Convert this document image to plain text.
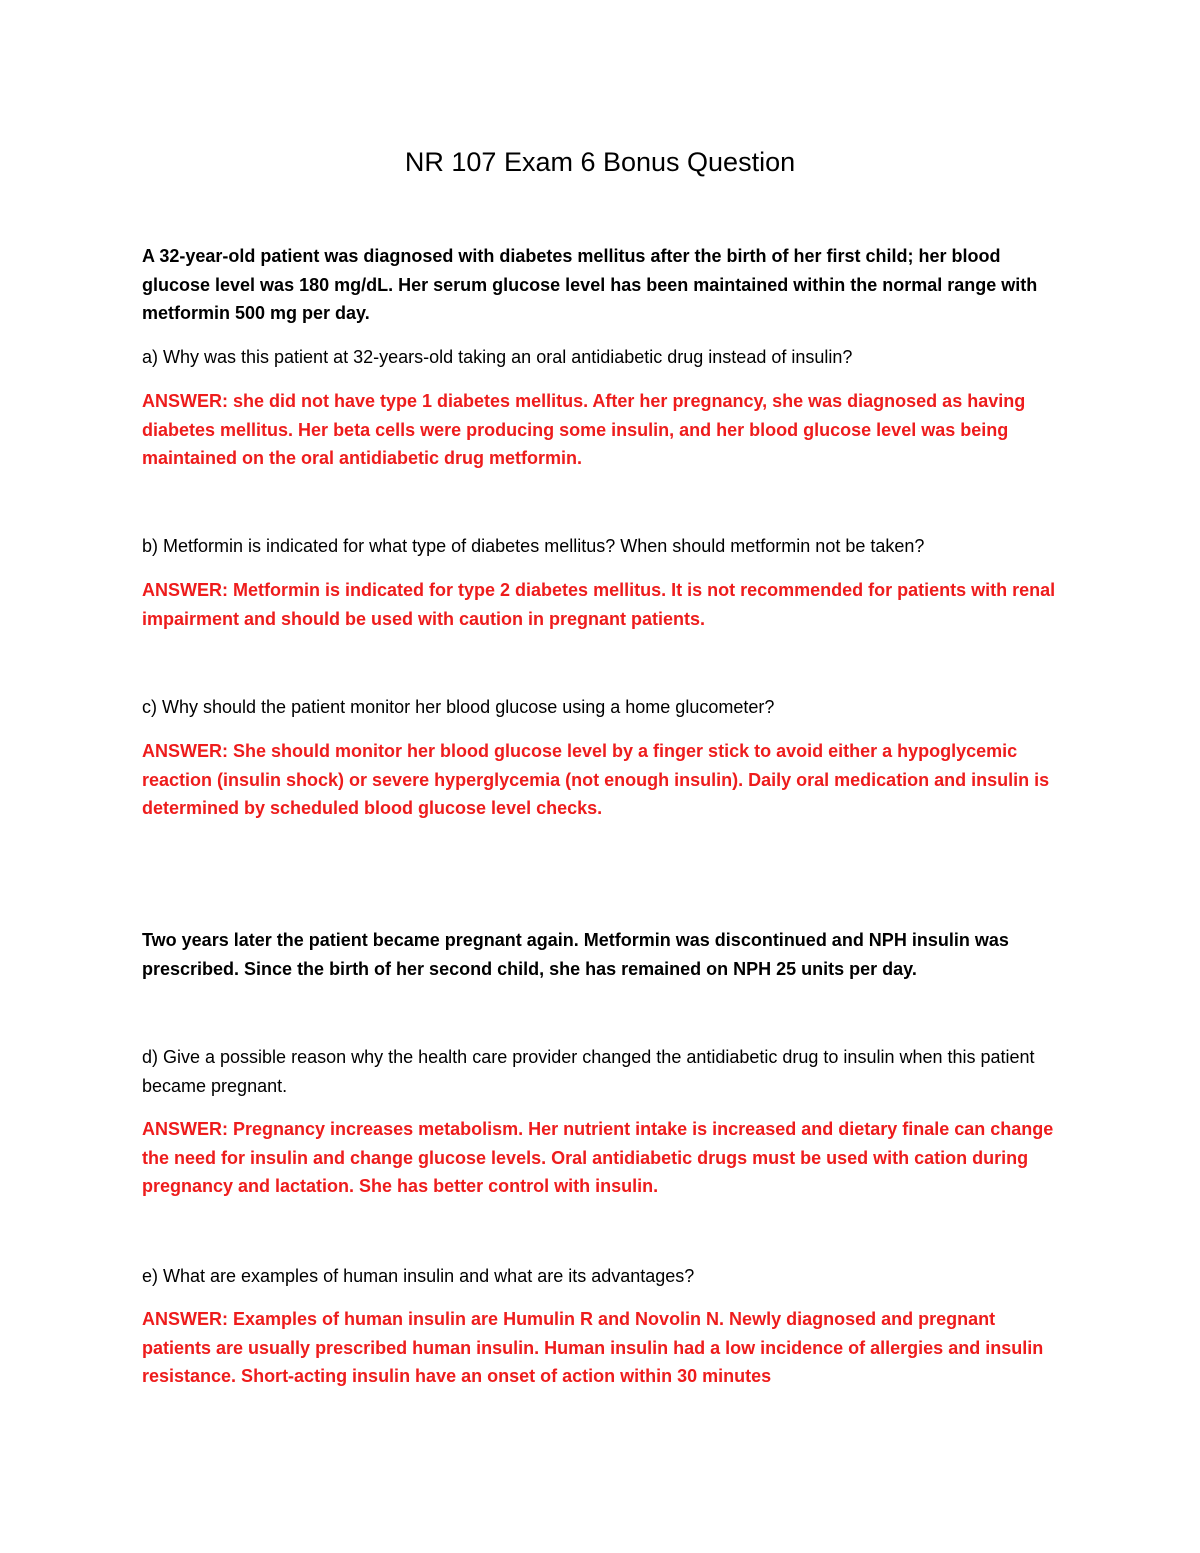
NR 107 Exam 6 Bonus Question

A 32-year-old patient was diagnosed with diabetes mellitus after the birth of her first child; her blood glucose level was 180 mg/dL. Her serum glucose level has been maintained within the normal range with metformin 500 mg per day.

a) Why was this patient at 32-years-old taking an oral antidiabetic drug instead of insulin?

ANSWER: she did not have type 1 diabetes mellitus. After her pregnancy, she was diagnosed as having diabetes mellitus. Her beta cells were producing some insulin, and her blood glucose level was being maintained on the oral antidiabetic drug metformin.

b) Metformin is indicated for what type of diabetes mellitus? When should metformin not be taken?

ANSWER: Metformin is indicated for type 2 diabetes mellitus. It is not recommended for patients with renal impairment and should be used with caution in pregnant patients.

c) Why should the patient monitor her blood glucose using a home glucometer?

ANSWER: She should monitor her blood glucose level by a finger stick to avoid either a hypoglycemic reaction (insulin shock) or severe hyperglycemia (not enough insulin). Daily oral medication and insulin is determined by scheduled blood glucose level checks.

Two years later the patient became pregnant again. Metformin was discontinued and NPH insulin was prescribed. Since the birth of her second child, she has remained on NPH 25 units per day.

d) Give a possible reason why the health care provider changed the antidiabetic drug to insulin when this patient became pregnant.

ANSWER: Pregnancy increases metabolism. Her nutrient intake is increased and dietary finale can change the need for insulin and change glucose levels. Oral antidiabetic drugs must be used with cation during pregnancy and lactation. She has better control with insulin.

e) What are examples of human insulin and what are its advantages?

ANSWER: Examples of human insulin are Humulin R and Novolin N. Newly diagnosed and pregnant patients are usually prescribed human insulin. Human insulin had a low incidence of allergies and insulin resistance. Short-acting insulin have an onset of action within 30 minutes
